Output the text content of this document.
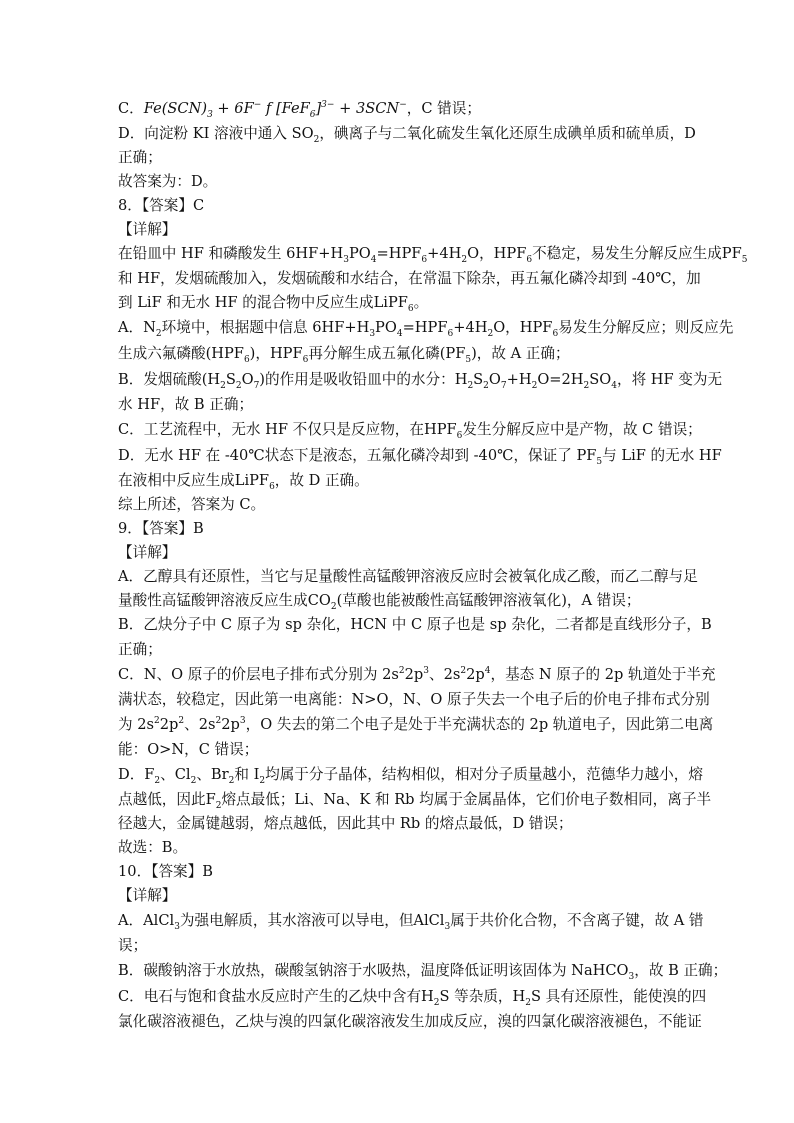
C．$Fe(SCN)_3 + 6F^-$ f $[FeF_6]^{3-} + 3SCN^-$，C 错误；
D．向淀粉 KI 溶液中通入 $SO_2$，碘离子与二氧化硫发生氧化还原生成碘单质和硫单质，D
正确；
故答案为：D。
8．【答案】C
【详解】
在铅皿中 HF 和磷酸发生 $6HF+H_3PO_4=HPF_6+4H_2O$，$HPF_6$不稳定，易发生分解反应生成$PF_5$
和 HF，发烟硫酸加入，发烟硫酸和水结合，在常温下除杂，再五氟化磷冷却到 -40℃，加
到 LiF 和无水 HF 的混合物中反应生成LiPF$_6$。
A．$N_2$环境中，根据题中信息 $6HF+H_3PO_4=HPF_6+4H_2O$，$HPF_6$易发生分解反应；则反应先
生成六氟磷酸$(HPF_6)$，$HPF_6$再分解生成五氟化磷$(PF_5)$，故 A 正确；
B．发烟硫酸$(H_2S_2O_7)$的作用是吸收铅皿中的水分：$H_2S_2O_7+H_2O=2H_2SO_4$，将 HF 变为无
水 HF，故 B 正确；
C．工艺流程中，无水 HF 不仅只是反应物，在$HPF_6$发生分解反应中是产物，故 C 错误；
D．无水 HF 在 -40℃状态下是液态，五氟化磷冷却到 -40℃，保证了 $PF_5$与 LiF 的无水 HF
在液相中反应生成LiPF$_6$，故 D 正确。
综上所述，答案为 C。
9．【答案】B
【详解】
A．乙醇具有还原性，当它与足量酸性高锰酸钾溶液反应时会被氧化成乙酸，而乙二醇与足
量酸性高锰酸钾溶液反应生成$CO_2$(草酸也能被酸性高锰酸钾溶液氧化)，A 错误；
B．乙炔分子中 C 原子为 sp 杂化，HCN 中 C 原子也是 sp 杂化，二者都是直线形分子，B
正确；
C．N、O 原子的价层电子排布式分别为 $2s^22p^3$、$2s^22p^4$，基态 N 原子的 2p 轨道处于半充
满状态，较稳定，因此第一电离能：N>O，N、O 原子失去一个电子后的价电子排布式分别
为 $2s^22p^2$、$2s^22p^3$，O 失去的第二个电子是处于半充满状态的 2p 轨道电子，因此第二电离
能：O>N，C 错误；
D．$F_2$、$Cl_2$、$Br_2$和 $I_2$均属于分子晶体，结构相似，相对分子质量越小，范德华力越小，熔
点越低，因此$F_2$熔点最低；Li、Na、K 和 Rb 均属于金属晶体，它们价电子数相同，离子半
径越大，金属键越弱，熔点越低，因此其中 Rb 的熔点最低，D 错误；
故选：B。
10．【答案】B
【详解】
A．AlCl$_3$为强电解质，其水溶液可以导电，但AlCl$_3$属于共价化合物，不含离子键，故 A 错
误；
B．碳酸钠溶于水放热，碳酸氢钠溶于水吸热，温度降低证明该固体为 NaHCO$_3$，故 B 正确；
C．电石与饱和食盐水反应时产生的乙炔中含有$H_2S$ 等杂质，$H_2S$ 具有还原性，能使溴的四
氯化碳溶液褪色，乙炔与溴的四氯化碳溶液发生加成反应，溴的四氯化碳溶液褪色，不能证
